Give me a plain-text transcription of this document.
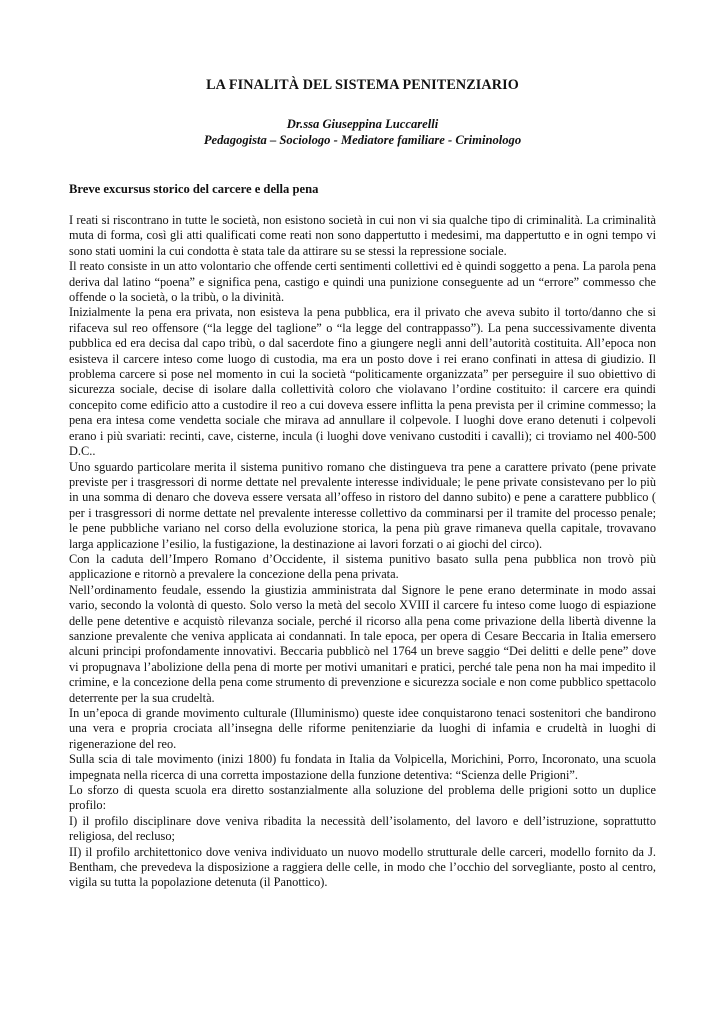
LA FINALITÀ DEL SISTEMA PENITENZIARIO

Dr.ssa Giuseppina Luccarelli

Pedagogista – Sociologo - Mediatore familiare - Criminologo

Breve excursus storico del carcere e della pena

I reati si riscontrano in tutte le società, non esistono società in cui non vi sia qualche tipo di criminalità. La criminalità muta di forma, così gli atti qualificati come reati non sono dappertutto i medesimi, ma dappertutto e in ogni tempo vi sono stati uomini la cui condotta è stata tale da attirare su se stessi la repressione sociale.

Il reato consiste in un atto volontario che offende certi sentimenti collettivi ed è quindi soggetto a pena. La parola pena deriva dal latino “poena” e significa pena, castigo e quindi una punizione conseguente ad un “errore” commesso che offende o la società, o la tribù, o la divinità.

Inizialmente la pena era privata, non esisteva la pena pubblica, era il privato che aveva subito il torto/danno che si rifaceva sul reo offensore (“la legge del taglione” o “la legge del contrappasso”). La pena successivamente diventa pubblica ed era decisa dal capo tribù, o dal sacerdote fino a giungere negli anni dell’autorità costituita. All’epoca non esisteva il carcere inteso come luogo di custodia, ma era un posto dove i rei erano confinati in attesa di giudizio. Il problema carcere si pose nel momento in cui la società “politicamente organizzata” per perseguire il suo obiettivo di sicurezza sociale, decise di isolare dalla collettività coloro che violavano l’ordine costituito: il carcere era quindi concepito come edificio atto a custodire il reo a cui doveva essere inflitta la pena prevista per il crimine commesso; la pena era intesa come vendetta sociale che mirava ad annullare il colpevole. I luoghi dove erano detenuti i colpevoli erano i più svariati: recinti, cave, cisterne, incula (i luoghi dove venivano custoditi i cavalli); ci troviamo nel 400-500 D.C..

Uno sguardo particolare merita il sistema punitivo romano che distingueva tra pene a carattere privato (pene private previste per i trasgressori di norme dettate nel prevalente interesse individuale; le pene private consistevano per lo più in una somma di denaro che doveva essere versata all’offeso in ristoro del danno subito) e pene a carattere pubblico ( per i trasgressori di norme dettate nel prevalente interesse collettivo da comminarsi per il tramite del processo penale; le pene pubbliche variano nel corso della evoluzione storica, la pena più grave rimaneva quella capitale, trovavano larga applicazione l’esilio, la fustigazione, la destinazione ai lavori forzati o ai giochi del circo).

Con la caduta dell’Impero Romano d’Occidente, il sistema punitivo basato sulla pena pubblica non trovò più applicazione e ritornò a prevalere la concezione della pena privata.

Nell’ordinamento feudale, essendo la giustizia amministrata dal Signore le pene erano determinate in modo assai vario, secondo la volontà di questo. Solo verso la metà del secolo XVIII il carcere fu inteso come luogo di espiazione delle pene detentive e acquistò rilevanza sociale, perché il ricorso alla pena come privazione della libertà divenne la sanzione prevalente che veniva applicata ai condannati. In tale epoca, per opera di Cesare Beccaria in Italia emersero alcuni principi profondamente innovativi. Beccaria pubblicò nel 1764 un breve saggio “Dei delitti e delle pene” dove vi propugnava l’abolizione della pena di morte per motivi umanitari e pratici, perché tale pena non ha mai impedito il crimine, e la concezione della pena come strumento di prevenzione e sicurezza sociale e non come pubblico spettacolo deterrente per la sua crudeltà.

In un’epoca di grande movimento culturale (Illuminismo) queste idee conquistarono tenaci sostenitori che bandirono una vera e propria crociata all’insegna delle riforme penitenziarie da luoghi di infamia e crudeltà in luoghi di rigenerazione del reo.

Sulla scia di tale movimento (inizi 1800) fu fondata in Italia da Volpicella, Morichini, Porro, Incoronato, una scuola impegnata nella ricerca di una corretta impostazione della funzione detentiva: “Scienza delle Prigioni”.

Lo sforzo di questa scuola era diretto sostanzialmente alla soluzione del problema delle prigioni sotto un duplice profilo:

I) il profilo disciplinare dove veniva ribadita la necessità dell’isolamento, del lavoro e dell’istruzione, soprattutto religiosa, del recluso;

II) il profilo architettonico dove veniva individuato un nuovo modello strutturale delle carceri, modello fornito da J. Bentham, che prevedeva la disposizione a raggiera delle celle, in modo che l’occhio del sorvegliante, posto al centro, vigila su tutta la popolazione detenuta (il Panottico).
